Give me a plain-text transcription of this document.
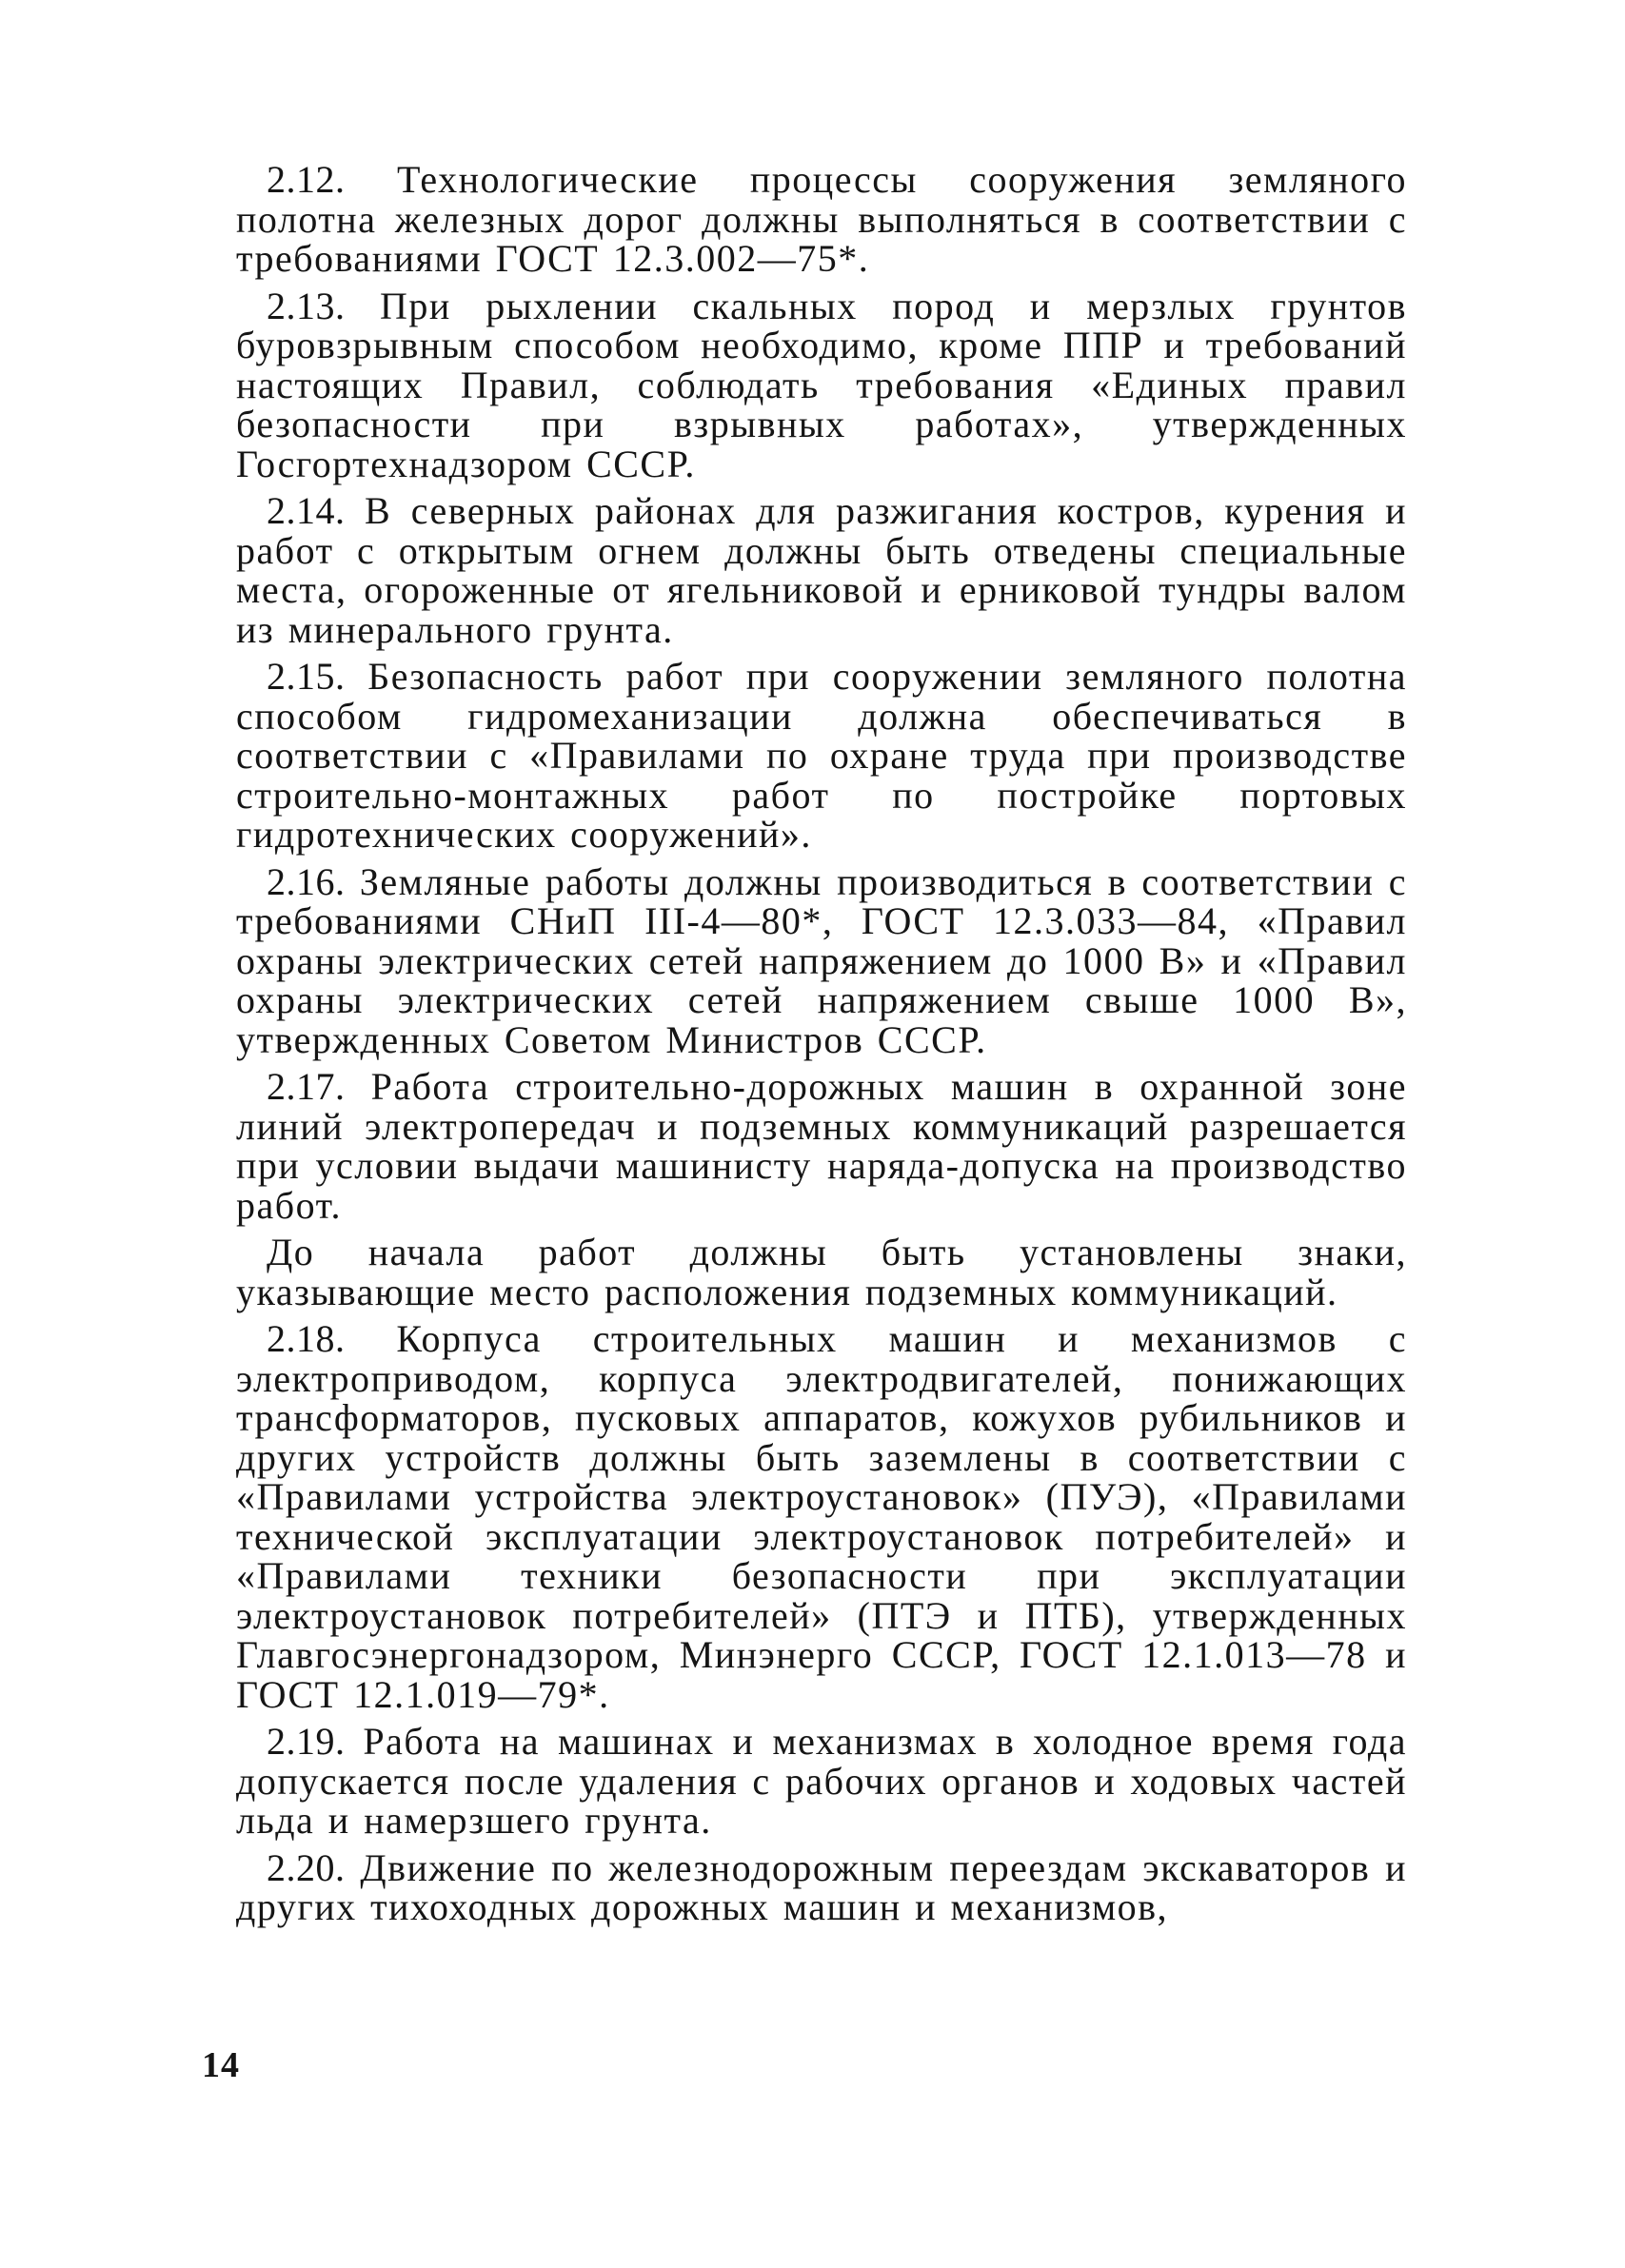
2.12. Технологические процессы сооружения земляного полотна железных дорог должны выполняться в соответствии с требованиями ГОСТ 12.3.002—75*.

2.13. При рыхлении скальных пород и мерзлых грунтов буровзрывным способом необходимо, кроме ППР и требований настоящих Правил, соблюдать требования «Единых правил безопасности при взрывных работах», утвержденных Госгортехнадзором СССР.

2.14. В северных районах для разжигания костров, курения и работ с открытым огнем должны быть отведены специальные места, огороженные от ягельниковой и ерниковой тундры валом из минерального грунта.

2.15. Безопасность работ при сооружении земляного полотна способом гидромеханизации должна обеспечиваться в соответствии с «Правилами по охране труда при производстве строительно-монтажных работ по постройке портовых гидротехнических сооружений».

2.16. Земляные работы должны производиться в соответствии с требованиями СНиП III-4—80*, ГОСТ 12.3.033—84, «Правил охраны электрических сетей напряжением до 1000 В» и «Правил охраны электрических сетей напряжением свыше 1000 В», утвержденных Советом Министров СССР.

2.17. Работа строительно-дорожных машин в охранной зоне линий электропередач и подземных коммуникаций разрешается при условии выдачи машинисту наряда-допуска на производство работ.

До начала работ должны быть установлены знаки, указывающие место расположения подземных коммуникаций.

2.18. Корпуса строительных машин и механизмов с электроприводом, корпуса электродвигателей, понижающих трансформаторов, пусковых аппаратов, кожухов рубильников и других устройств должны быть заземлены в соответствии с «Правилами устройства электроустановок» (ПУЭ), «Правилами технической эксплуатации электроустановок потребителей» и «Правилами техники безопасности при эксплуатации электроустановок потребителей» (ПТЭ и ПТБ), утвержденных Главгосэнергонадзором, Минэнерго СССР, ГОСТ 12.1.013—78 и ГОСТ 12.1.019—79*.

2.19. Работа на машинах и механизмах в холодное время года допускается после удаления с рабочих органов и ходовых частей льда и намерзшего грунта.

2.20. Движение по железнодорожным переездам экскаваторов и других тихоходных дорожных машин и механизмов,

14
